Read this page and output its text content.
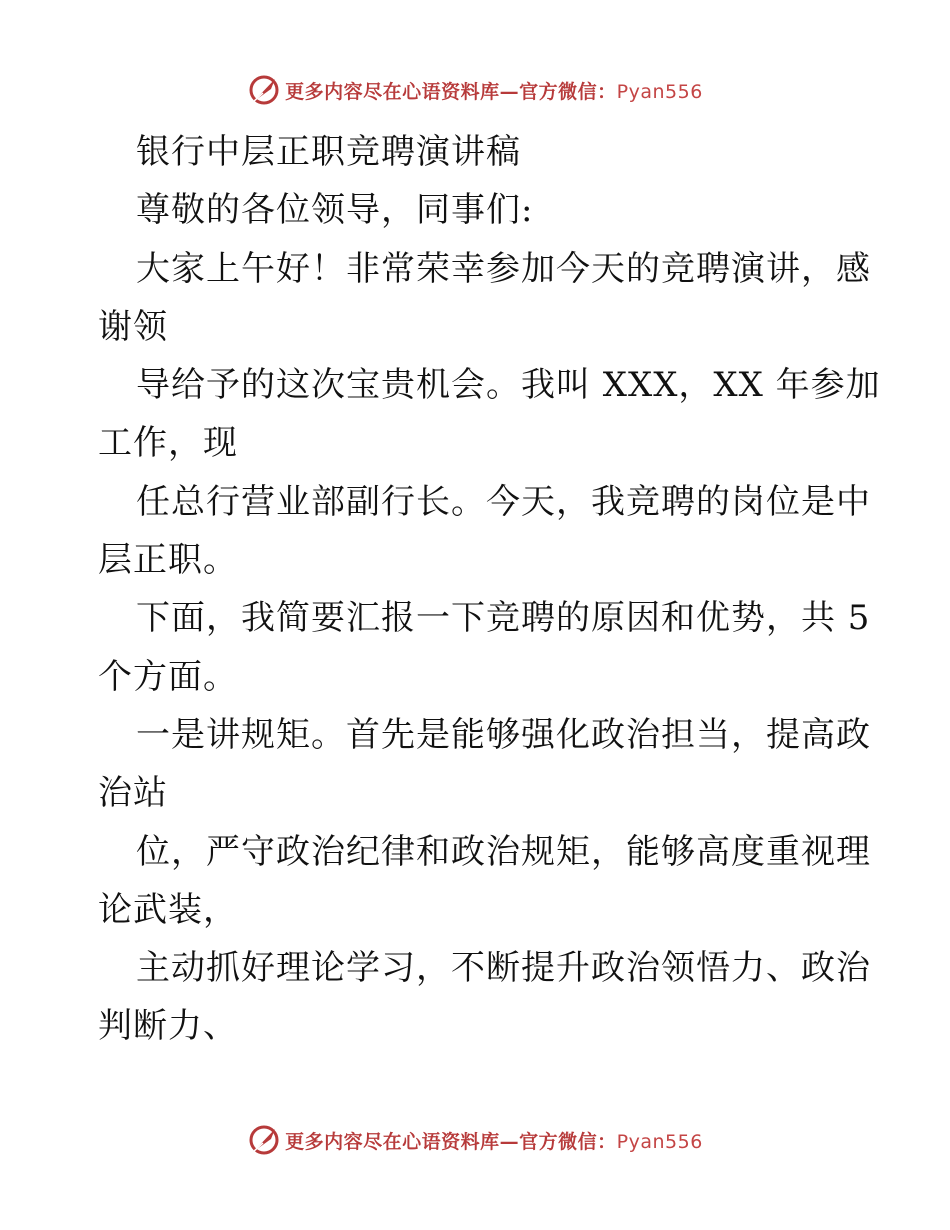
更多内容尽在心语资料库—官方微信：Pyan556
银行中层正职竞聘演讲稿
尊敬的各位领导，同事们:
大家上午好！非常荣幸参加今天的竞聘演讲，感
谢领
导给予的这次宝贵机会。我叫 XXX，XX 年参加
工作，现
任总行营业部副行长。今天，我竞聘的岗位是中
层正职。
下面，我简要汇报一下竞聘的原因和优势，共 5
个方面。
一是讲规矩。首先是能够强化政治担当，提高政
治站
位，严守政治纪律和政治规矩，能够高度重视理
论武装，
主动抓好理论学习，不断提升政治领悟力、政治
判断力、
更多内容尽在心语资料库—官方微信：Pyan556
